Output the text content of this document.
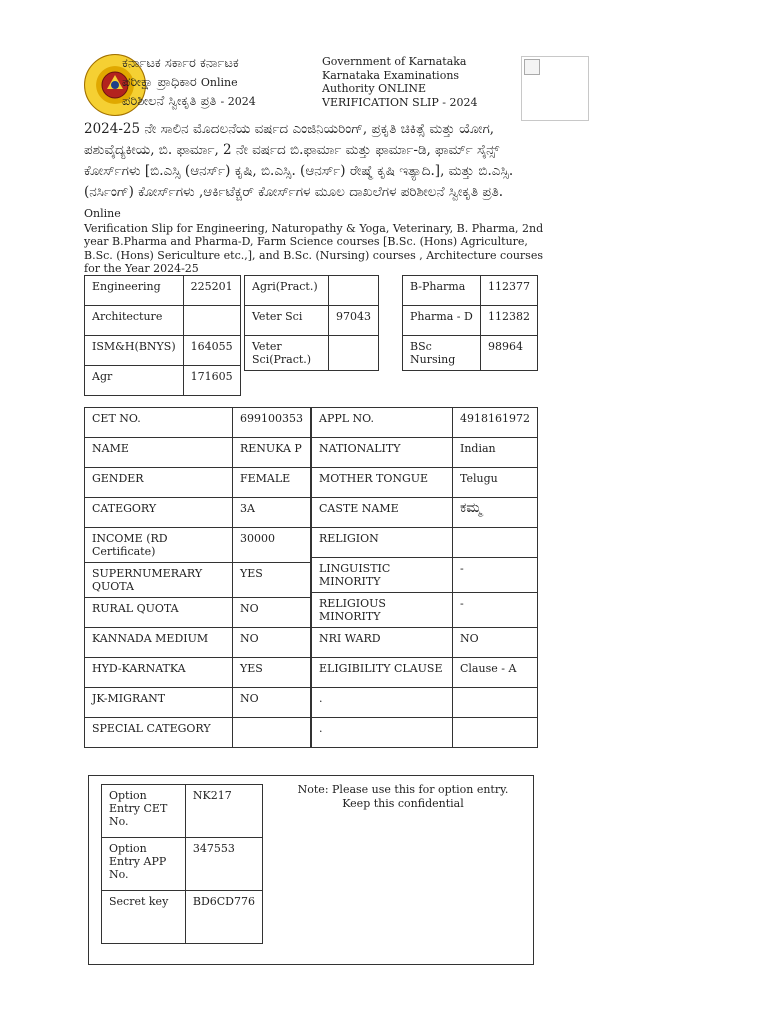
ಕರ್ನಾಟಕ ಸರ್ಕಾರ ಕರ್ನಾಟಕ
ಪರೀಕ್ಷಾ ಪ್ರಾಧಿಕಾರ Online
ಪರಿಶೀಲನೆ ಸ್ವೀಕೃತಿ ಪ್ರತಿ - 2024
Government of Karnataka
Karnataka Examinations
Authority ONLINE
VERIFICATION SLIP - 2024
2024-25 ನೇ ಸಾಲಿನ ಮೊದಲನೆಯ ವರ್ಷದ ಎಂಜಿನಿಯರಿಂಗ್, ಪ್ರಕೃತಿ ಚಿಕಿತ್ಸೆ ಮತ್ತು ಯೋಗ, ಪಶುವೈದ್ಯಕೀಯ, ಬಿ. ಫಾರ್ಮಾ, 2 ನೇ ವರ್ಷದ ಬಿ.ಫಾರ್ಮಾ ಮತ್ತು ಫಾರ್ಮಾ-ಡಿ, ಫಾರ್ಮ್ ಸೈನ್ಸ್ ಕೋರ್ಸ್‌ಗಳು [ಬಿ.ಎಸ್ಸಿ (ಆನರ್ಸ್) ಕೃಷಿ, ಬಿ.ಎಸ್ಸಿ. (ಆನರ್ಸ್) ರೇಷ್ಮೆ ಕೃಷಿ ಇತ್ಯಾದಿ.], ಮತ್ತು ಬಿ.ಎಸ್ಸಿ. (ನರ್ಸಿಂಗ್) ಕೋರ್ಸ್‌ಗಳು ,ಆರ್ಕಿಟೆಕ್ಚರ್ ಕೋರ್ಸ್‌ಗಳ ಮೂಲ ದಾಖಲೆಗಳ ಪರಿಶೀಲನೆ ಸ್ವೀಕೃತಿ ಪ್ರತಿ. Online
Verification Slip for Engineering, Naturopathy & Yoga, Veterinary, B. Pharma, 2nd year B.Pharma and Pharma-D, Farm Science courses [B.Sc. (Hons) Agriculture, B.Sc. (Hons) Sericulture etc.,], and B.Sc. (Nursing) courses , Architecture courses for the Year 2024-25
Engineering	225201
Architecture	
ISM&H(BNYS)	164055
Agr	171605
Agri(Pract.)	
Veter Sci	97043
Veter Sci(Pract.)	
B-Pharma	112377
Pharma - D	112382
BSc Nursing	98964
CET NO.	699100353
NAME	RENUKA P
GENDER	FEMALE
CATEGORY	3A
INCOME (RD Certificate)	30000
SUPERNUMERARY QUOTA	YES
RURAL QUOTA	NO
KANNADA MEDIUM	NO
HYD-KARNATKA	YES
JK-MIGRANT	NO
SPECIAL CATEGORY	
APPL NO.	4918161972
NATIONALITY	Indian
MOTHER TONGUE	Telugu
CASTE NAME	ಕಮ್ಮ
RELIGION	
LINGUISTIC MINORITY	-
RELIGIOUS MINORITY	-
NRI WARD	NO
ELIGIBILITY CLAUSE	Clause - A
.	
.	
Option Entry CET No.	NK217
Option Entry APP No.	347553
Secret key	BD6CD776
Note: Please use this for option entry.
Keep this confidential
